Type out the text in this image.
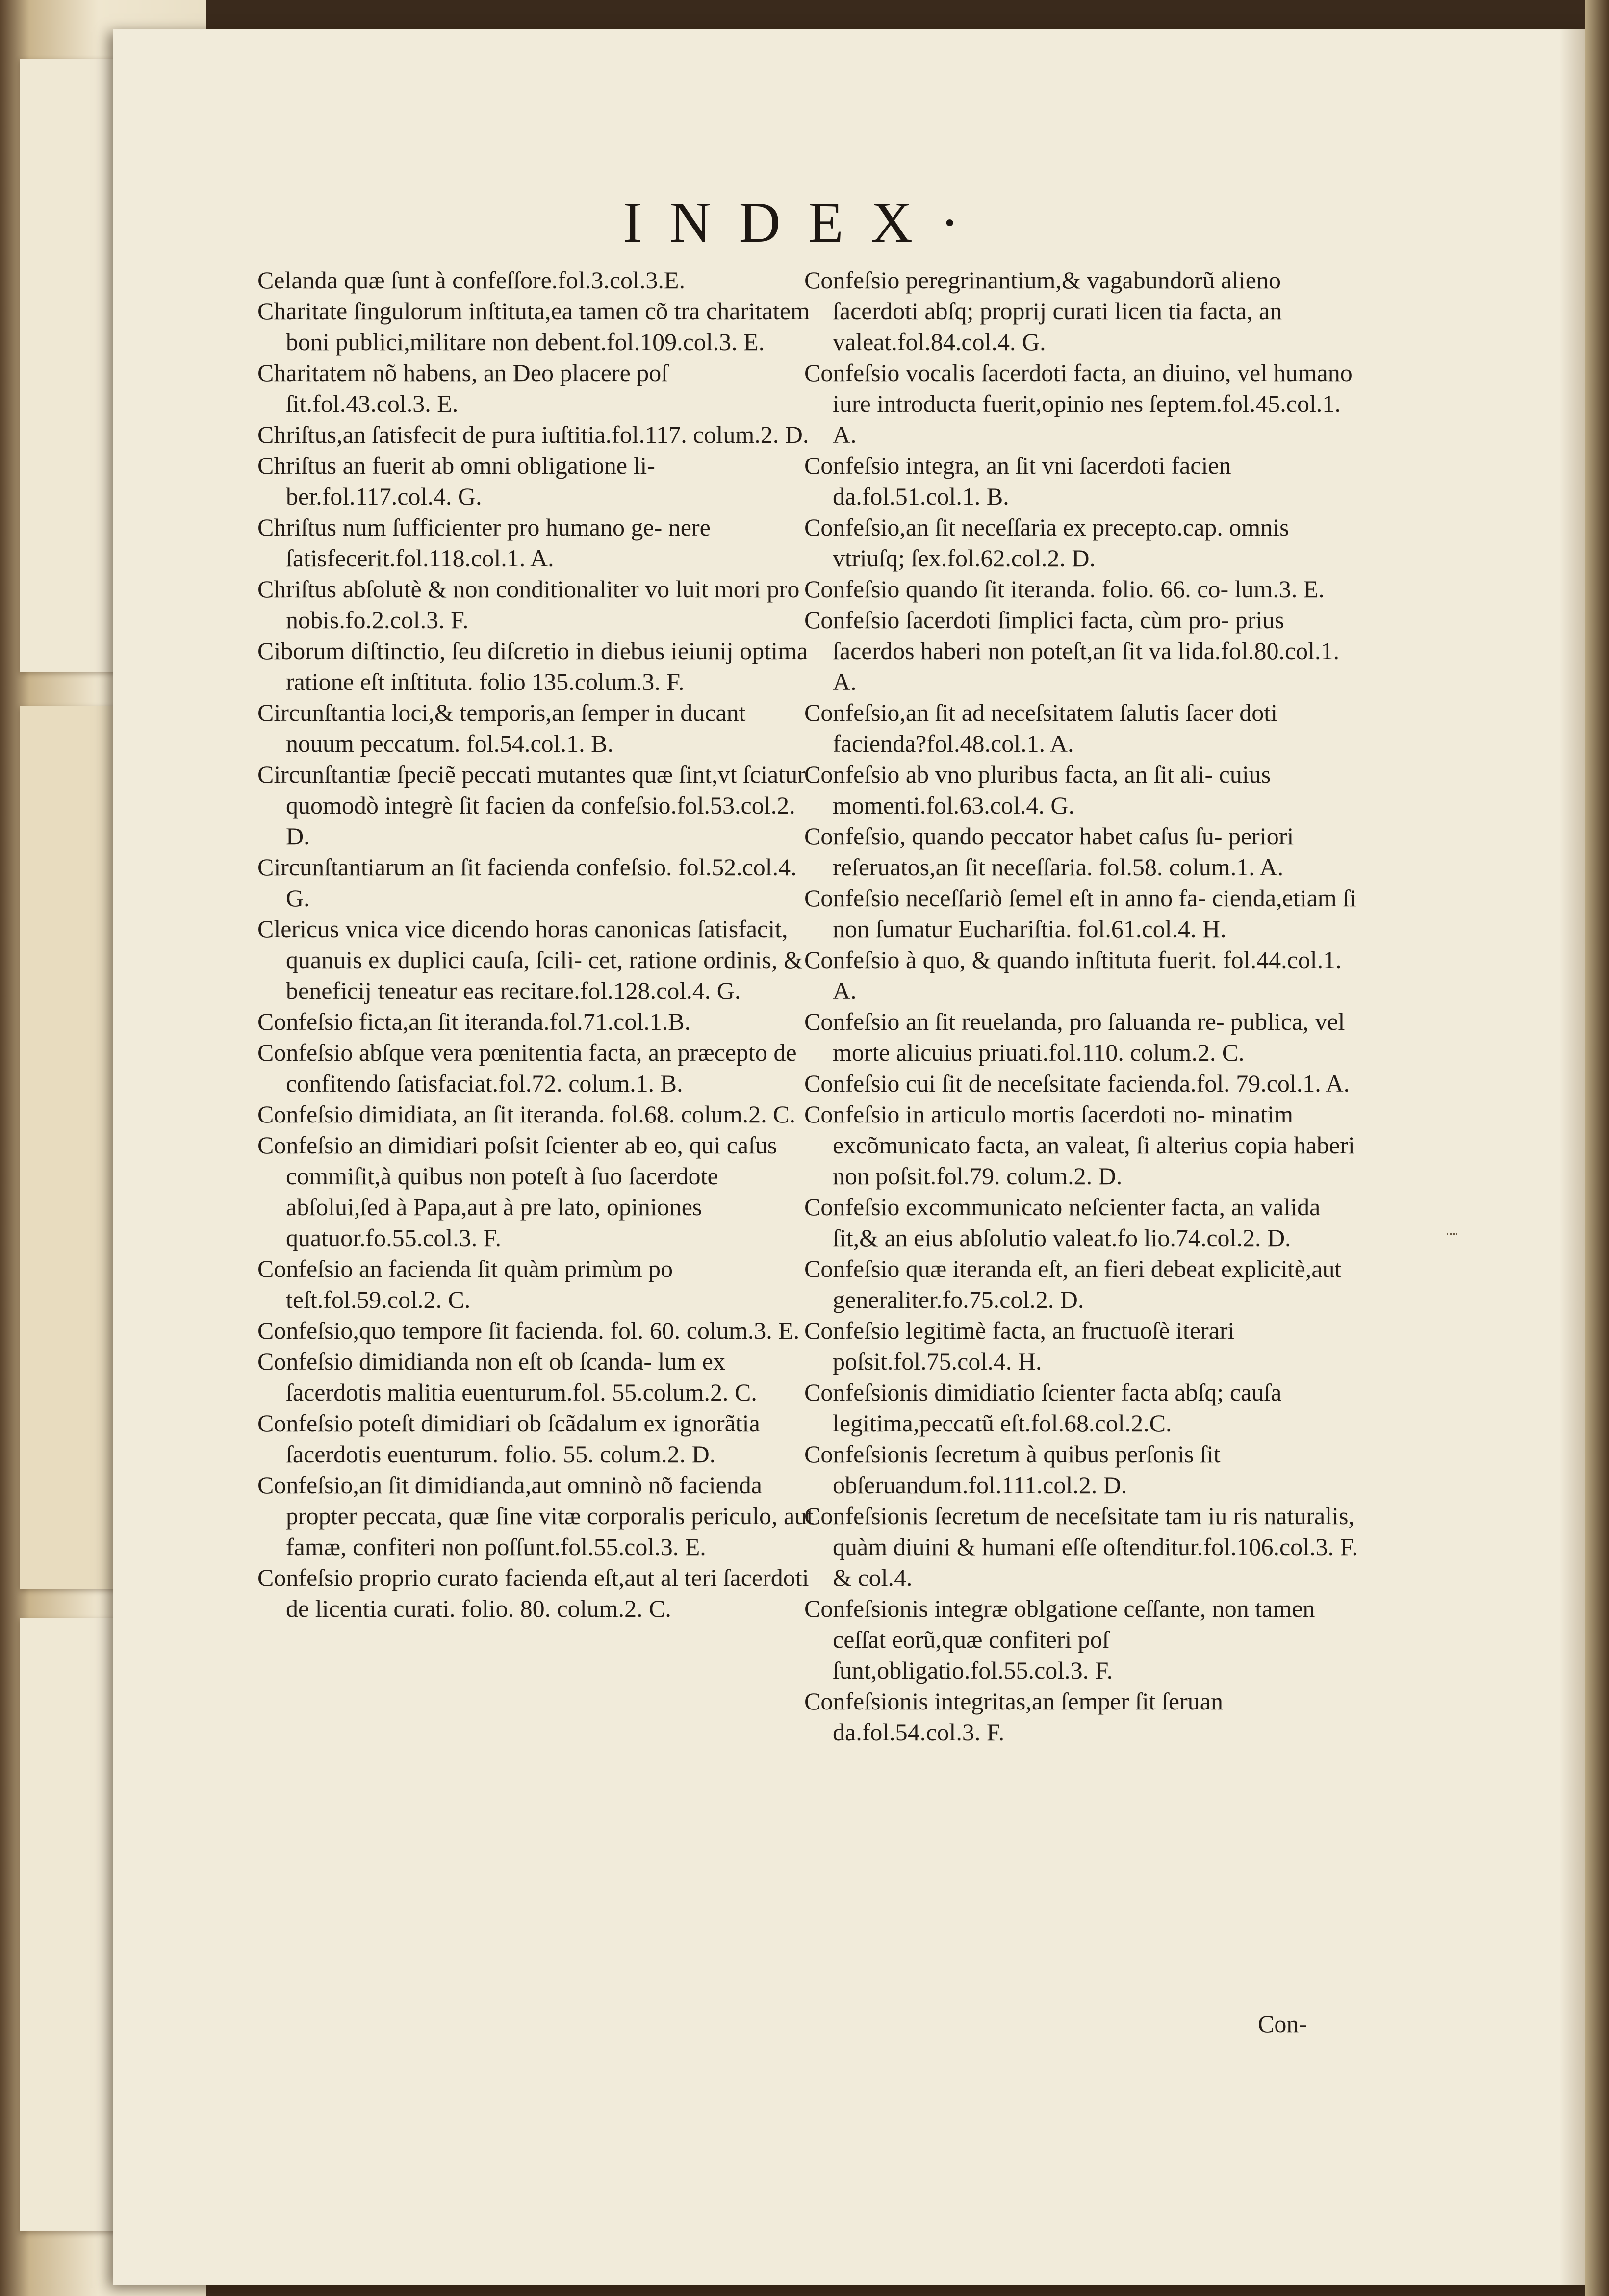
INDEX·

Celanda quæ ſunt à confeſſore.fol.3.col.3.E.

Charitate ſingulorum inſtituta,ea tamen cõ tra charitatem boni publici,militare non debent.fol.109.col.3. E.

Charitatem nõ habens, an Deo placere poſ ſit.fol.43.col.3. E.

Chriſtus,an ſatisfecit de pura iuſtitia.fol.117. colum.2. D.

Chriſtus an fuerit ab omni obligatione li- ber.fol.117.col.4. G.

Chriſtus num ſufficienter pro humano ge- nere ſatisfecerit.fol.118.col.1. A.

Chriſtus abſolutè & non conditionaliter vo luit mori pro nobis.fo.2.col.3. F.

Ciborum diſtinctio, ſeu diſcretio in diebus ieiunij optima ratione eſt inſtituta. folio 135.colum.3. F.

Circunſtantia loci,& temporis,an ſemper in ducant nouum peccatum. fol.54.col.1. B.

Circunſtantiæ ſpeciẽ peccati mutantes quæ ſint,vt ſciatur quomodò integrè ſit facien da confeſsio.fol.53.col.2. D.

Circunſtantiarum an ſit facienda confeſsio. fol.52.col.4. G.

Clericus vnica vice dicendo horas canonicas ſatisfacit, quanuis ex duplici cauſa, ſcili- cet, ratione ordinis, & beneficij teneatur eas recitare.fol.128.col.4. G.

Confeſsio ficta,an ſit iteranda.fol.71.col.1.B.

Confeſsio abſque vera pœnitentia facta, an præcepto de confitendo ſatisfaciat.fol.72. colum.1. B.

Confeſsio dimidiata, an ſit iteranda. fol.68. colum.2. C.

Confeſsio an dimidiari poſsit ſcienter ab eo, qui caſus commiſit,à quibus non poteſt à ſuo ſacerdote abſolui,ſed à Papa,aut à pre lato, opiniones quatuor.fo.55.col.3. F.

Confeſsio an facienda ſit quàm primùm po teſt.fol.59.col.2. C.

Confeſsio,quo tempore ſit facienda. fol. 60. colum.3. E.

Confeſsio dimidianda non eſt ob ſcanda- lum ex ſacerdotis malitia euenturum.fol. 55.colum.2. C.

Confeſsio poteſt dimidiari ob ſcãdalum ex ignorãtia ſacerdotis euenturum. folio. 55. colum.2. D.

Confeſsio,an ſit dimidianda,aut omninò nõ facienda propter peccata, quæ ſine vitæ corporalis periculo, aut famæ, confiteri non poſſunt.fol.55.col.3. E.

Confeſsio proprio curato facienda eſt,aut al teri ſacerdoti de licentia curati. folio. 80. colum.2. C.

Confeſsio peregrinantium,& vagabundorũ alieno ſacerdoti abſq; proprij curati licen tia facta, an valeat.fol.84.col.4. G.

Confeſsio vocalis ſacerdoti facta, an diuino, vel humano iure introducta fuerit,opinio nes ſeptem.fol.45.col.1. A.

Confeſsio integra, an ſit vni ſacerdoti facien da.fol.51.col.1. B.

Confeſsio,an ſit neceſſaria ex precepto.cap. omnis vtriuſq; ſex.fol.62.col.2. D.

Confeſsio quando ſit iteranda. folio. 66. co- lum.3. E.

Confeſsio ſacerdoti ſimplici facta, cùm pro- prius ſacerdos haberi non poteſt,an ſit va lida.fol.80.col.1. A.

Confeſsio,an ſit ad neceſsitatem ſalutis ſacer doti facienda?fol.48.col.1. A.

Confeſsio ab vno pluribus facta, an ſit ali- cuius momenti.fol.63.col.4. G.

Confeſsio, quando peccator habet caſus ſu- periori reſeruatos,an ſit neceſſaria. fol.58. colum.1. A.

Confeſsio neceſſariò ſemel eſt in anno fa- cienda,etiam ſi non ſumatur Euchariſtia. fol.61.col.4. H.

Confeſsio à quo, & quando inſtituta fuerit. fol.44.col.1. A.

Confeſsio an ſit reuelanda, pro ſaluanda re- publica, vel morte alicuius priuati.fol.110. colum.2. C.

Confeſsio cui ſit de neceſsitate facienda.fol. 79.col.1. A.

Confeſsio in articulo mortis ſacerdoti no- minatim excõmunicato facta, an valeat, ſi alterius copia haberi non poſsit.fol.79. colum.2. D.

Confeſsio excommunicato neſcienter facta, an valida ſit,& an eius abſolutio valeat.fo lio.74.col.2. D.

Confeſsio quæ iteranda eſt, an fieri debeat explicitè,aut generaliter.fo.75.col.2. D.

Confeſsio legitimè facta, an fructuoſè iterari poſsit.fol.75.col.4. H.

Confeſsionis dimidiatio ſcienter facta abſq; cauſa legitima,peccatũ eſt.fol.68.col.2.C.

Confeſsionis ſecretum à quibus perſonis ſit obſeruandum.fol.111.col.2. D.

Confeſsionis ſecretum de neceſsitate tam iu ris naturalis, quàm diuini & humani eſſe oſtenditur.fol.106.col.3. F. & col.4.

Confeſsionis integræ oblgatione ceſſante, non tamen ceſſat eorũ,quæ confiteri poſ ſunt,obligatio.fol.55.col.3. F.

Confeſsionis integritas,an ſemper ſit ſeruan da.fol.54.col.3. F.

Con-
